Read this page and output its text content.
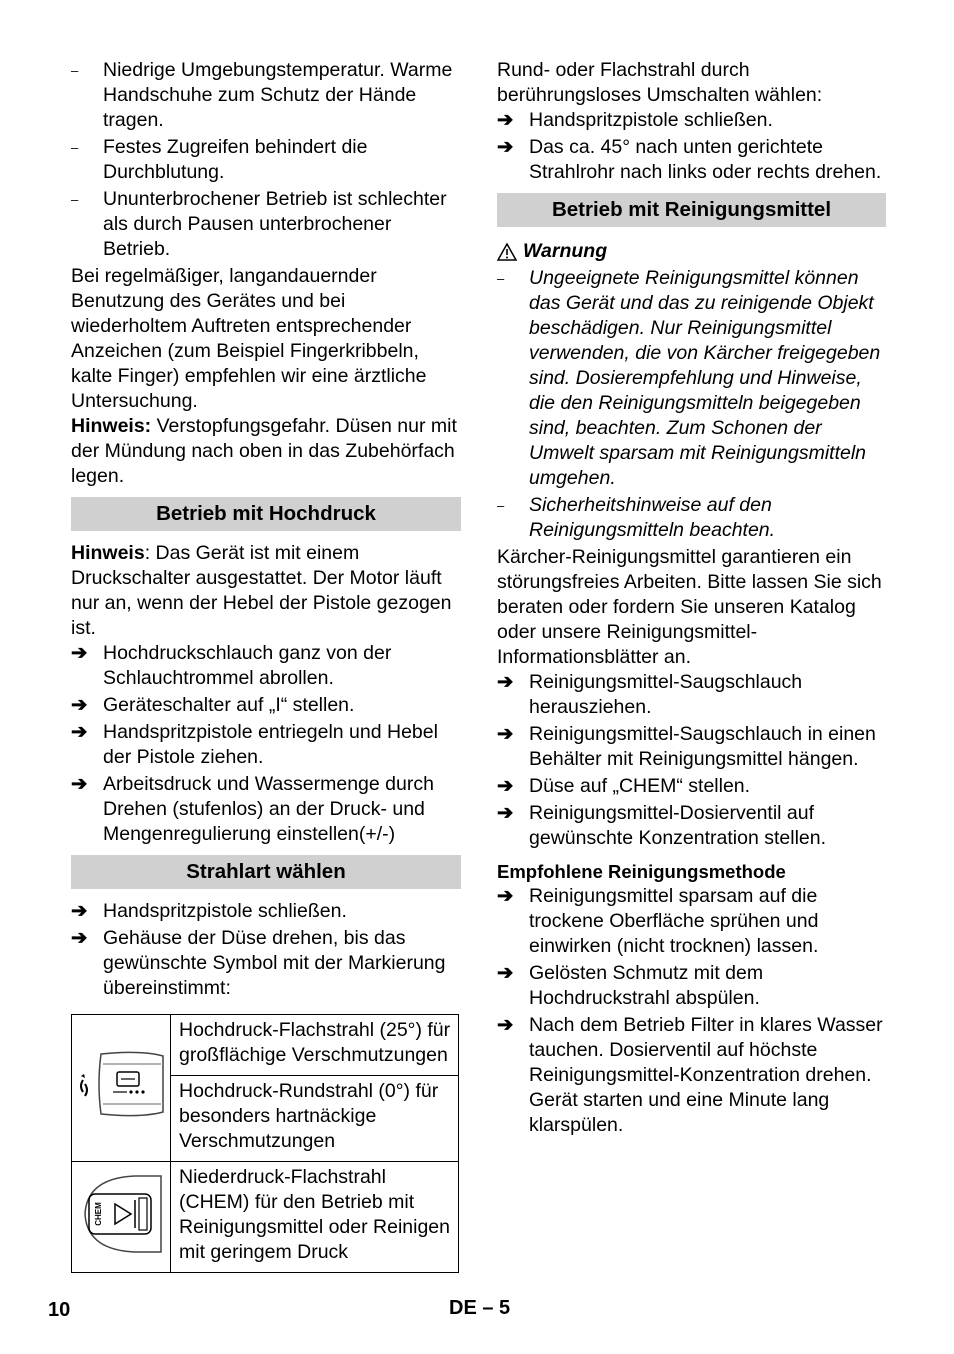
– Niedrige Umgebungstemperatur. Warme Handschuhe zum Schutz der Hände tragen.

– Festes Zugreifen behindert die Durchblutung.

– Ununterbrochener Betrieb ist schlechter als durch Pausen unterbrochener Betrieb.

Bei regelmäßiger, langandauernder Benutzung des Gerätes und bei wiederholtem Auftreten entsprechender Anzeichen (zum Beispiel Fingerkribbeln, kalte Finger) empfehlen wir eine ärztliche Untersuchung.

Hinweis: Verstopfungsgefahr. Düsen nur mit der Mündung nach oben in das Zubehörfach legen.

Betrieb mit Hochdruck

Hinweis: Das Gerät ist mit einem Druckschalter ausgestattet. Der Motor läuft nur an, wenn der Hebel der Pistole gezogen ist.

➔ Hochdruckschlauch ganz von der Schlauchtrommel abrollen.

➔ Geräteschalter auf „I“ stellen.

➔ Handspritzpistole entriegeln und Hebel der Pistole ziehen.

➔ Arbeitsdruck und Wassermenge durch Drehen (stufenlos) an der Druck- und Mengenregulierung einstellen(+/-)

Strahlart wählen

➔ Handspritzpistole schließen.

➔ Gehäuse der Düse drehen, bis das gewünschte Symbol mit der Markierung übereinstimmt:

	Hochdruck-Flachstrahl (25°) für großflächige Verschmutzungen
	Hochdruck-Rundstrahl (0°) für besonders hartnäckige Verschmutzungen

CHEM	Niederdruck-Flachstrahl (CHEM) für den Betrieb mit Reinigungsmittel oder Reinigen mit geringem Druck

Rund- oder Flachstrahl durch berührungsloses Umschalten wählen:

➔ Handspritzpistole schließen.

➔ Das ca. 45° nach unten gerichtete Strahlrohr nach links oder rechts drehen.

Betrieb mit Reinigungsmittel
Warnung

– Ungeeignete Reinigungsmittel können das Gerät und das zu reinigende Objekt beschädigen. Nur Reinigungsmittel verwenden, die von Kärcher freigegeben sind. Dosierempfehlung und Hinweise, die den Reinigungsmitteln beigegeben sind, beachten. Zum Schonen der Umwelt sparsam mit Reinigungsmitteln umgehen.

– Sicherheitshinweise auf den Reinigungsmitteln beachten.

Kärcher-Reinigungsmittel garantieren ein störungsfreies Arbeiten. Bitte lassen Sie sich beraten oder fordern Sie unseren Katalog oder unsere Reinigungsmittel-Informationsblätter an.

➔ Reinigungsmittel-Saugschlauch herausziehen.

➔ Reinigungsmittel-Saugschlauch in einen Behälter mit Reinigungsmittel hängen.

➔ Düse auf „CHEM“ stellen.

➔ Reinigungsmittel-Dosierventil auf gewünschte Konzentration stellen.

Empfohlene Reinigungsmethode

➔ Reinigungsmittel sparsam auf die trockene Oberfläche sprühen und einwirken (nicht trocknen) lassen.

➔ Gelösten Schmutz mit dem Hochdruckstrahl abspülen.

➔ Nach dem Betrieb Filter in klares Wasser tauchen. Dosierventil auf höchste Reinigungsmittel-Konzentration drehen. Gerät starten und eine Minute lang klarspülen.

10	DE – 5
